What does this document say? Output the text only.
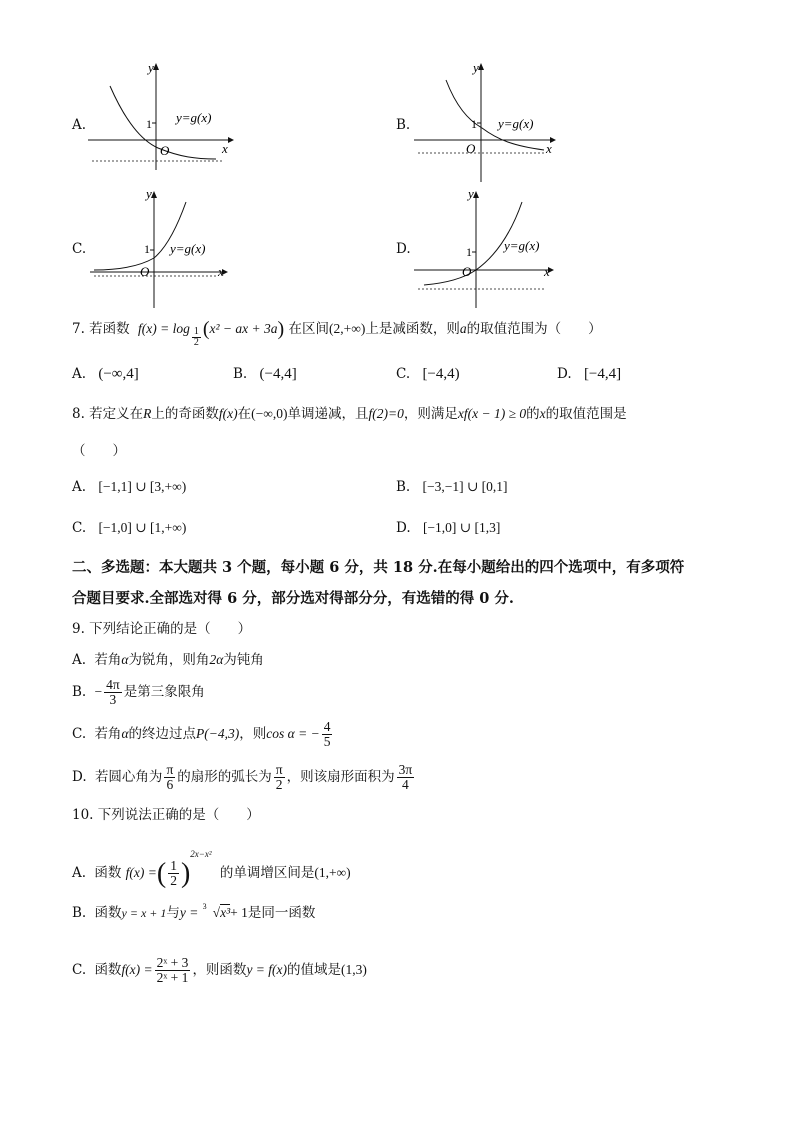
A.
y
x
O
1 y=g(x)	B.
y
x
O
1 y=g(x)
C.
y
x
O
1 y=g(x)	D.
y
x
O
1 y=g(x)
7. 若函数 $f(x) = \log \frac{1}{2} (x^2$ − ax + 3a) 在区间(2,+∞)上是减函数，则a的取值范围为（　　）
A. (−∞,4]	B. (−4,4]	C. [−4,4)	D. [−4,4]
8. 若定义在R上的奇函数f(x)在(−∞,0)单调递减，且f(2)=0，则满足xf(x − 1) ≥ 0的x的取值范围是
（　　）
A. [−1,1] ∪ [3,+∞)	B. [−3,−1] ∪ [0,1]
C. [−1,0] ∪ [1,+∞)	D. [−1,0] ∪ [1,3]
二、多选题：本大题共 3 个题，每小题 6 分，共 18 分.在每小题给出的四个选项中，有多项符
合题目要求.全部选对得 6 分，部分选对得部分分，有选错的得 0 分.
9. 下列结论正确的是（　　）
A. 若角α为锐角，则角2α为钝角
B. − $\frac{4\pi}{3}$ 是第三象限角
C. 若角α的终边过点P(−4,3)，则cos α = − $\frac{4}{5}$
D. 若圆心角为 $\frac{\pi}{6}$ 的扇形的弧长为 $\frac{\pi}{2}$ ，则该扇形面积为 $\frac{3\pi}{4}$
10. 下列说法正确的是（　　）
A. 函数 f(x) =( $\frac{1}{2} )^{2x-x^2}$ 的单调增区间是(1,+∞)
B. 函数y = x + 1与y = 3 √x³+ 1是同一函数
C. 函数$f(x) = \frac{\text{2ˣ + 3}}{\text{2ˣ + 1}}$ ，则函数y = f(x)的值域是(1,3)
